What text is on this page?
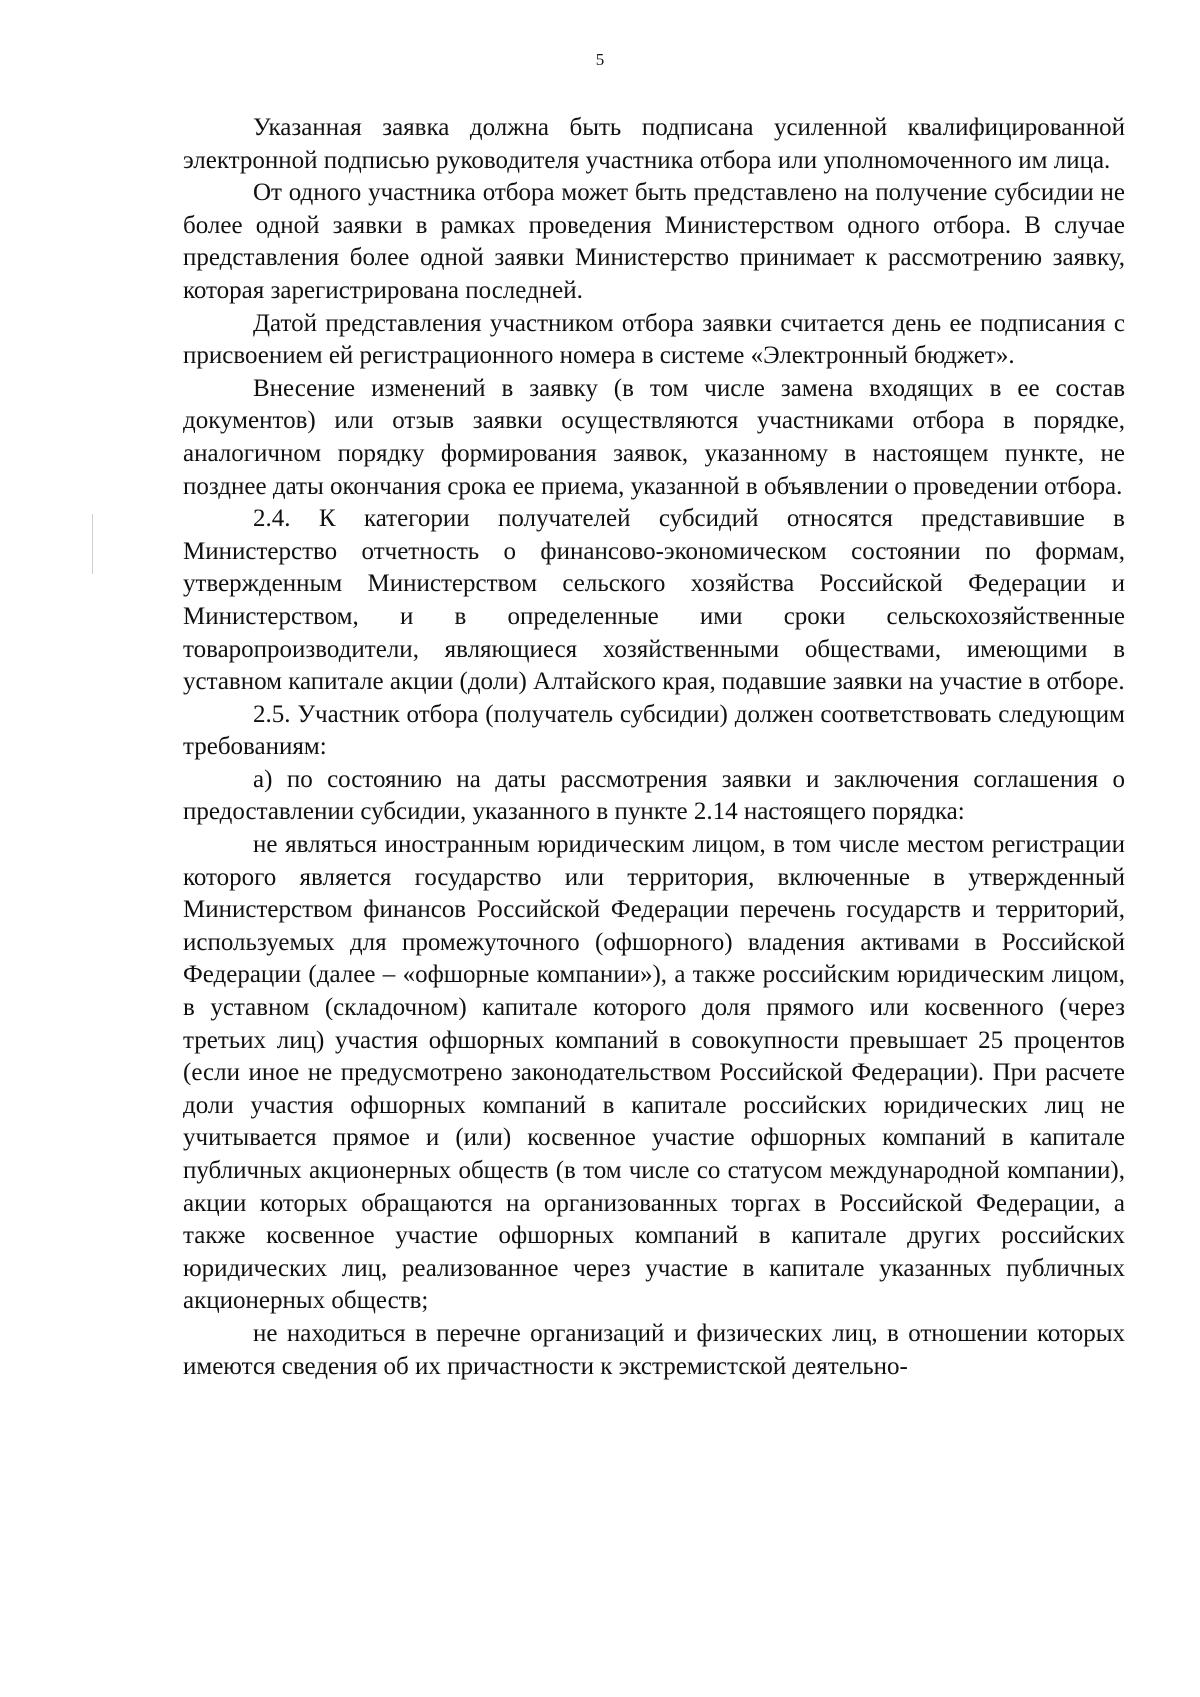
5

Указанная заявка должна быть подписана усиленной квалифицированной электронной подписью руководителя участника отбора или уполномоченного им лица.

От одного участника отбора может быть представлено на получение субсидии не более одной заявки в рамках проведения Министерством одного отбора. В случае представления более одной заявки Министерство принимает к рассмотрению заявку, которая зарегистрирована последней.

Датой представления участником отбора заявки считается день ее подписания с присвоением ей регистрационного номера в системе «Электронный бюджет».

Внесение изменений в заявку (в том числе замена входящих в ее состав документов) или отзыв заявки осуществляются участниками отбора в порядке, аналогичном порядку формирования заявок, указанному в настоящем пункте, не позднее даты окончания срока ее приема, указанной в объявлении о проведении отбора.

2.4. К категории получателей субсидий относятся представившие в Министерство отчетность о финансово-экономическом состоянии по формам, утвержденным Министерством сельского хозяйства Российской Федерации и Министерством, и в определенные ими сроки сельскохозяйственные товаропроизводители, являющиеся хозяйственными обществами, имеющими в уставном капитале акции (доли) Алтайского края, подавшие заявки на участие в отборе.

2.5. Участник отбора (получатель субсидии) должен соответствовать следующим требованиям:

а) по состоянию на даты рассмотрения заявки и заключения соглашения о предоставлении субсидии, указанного в пункте 2.14 настоящего порядка:

не являться иностранным юридическим лицом, в том числе местом регистрации которого является государство или территория, включенные в утвержденный Министерством финансов Российской Федерации перечень государств и территорий, используемых для промежуточного (офшорного) владения активами в Российской Федерации (далее – «офшорные компании»), а также российским юридическим лицом, в уставном (складочном) капитале которого доля прямого или косвенного (через третьих лиц) участия офшорных компаний в совокупности превышает 25 процентов (если иное не предусмотрено законодательством Российской Федерации). При расчете доли участия офшорных компаний в капитале российских юридических лиц не учитывается прямое и (или) косвенное участие офшорных компаний в капитале публичных акционерных обществ (в том числе со статусом международной компании), акции которых обращаются на организованных торгах в Российской Федерации, а также косвенное участие офшорных компаний в капитале других российских юридических лиц, реализованное через участие в капитале указанных публичных акционерных обществ;

не находиться в перечне организаций и физических лиц, в отношении которых имеются сведения об их причастности к экстремистской деятельно-
